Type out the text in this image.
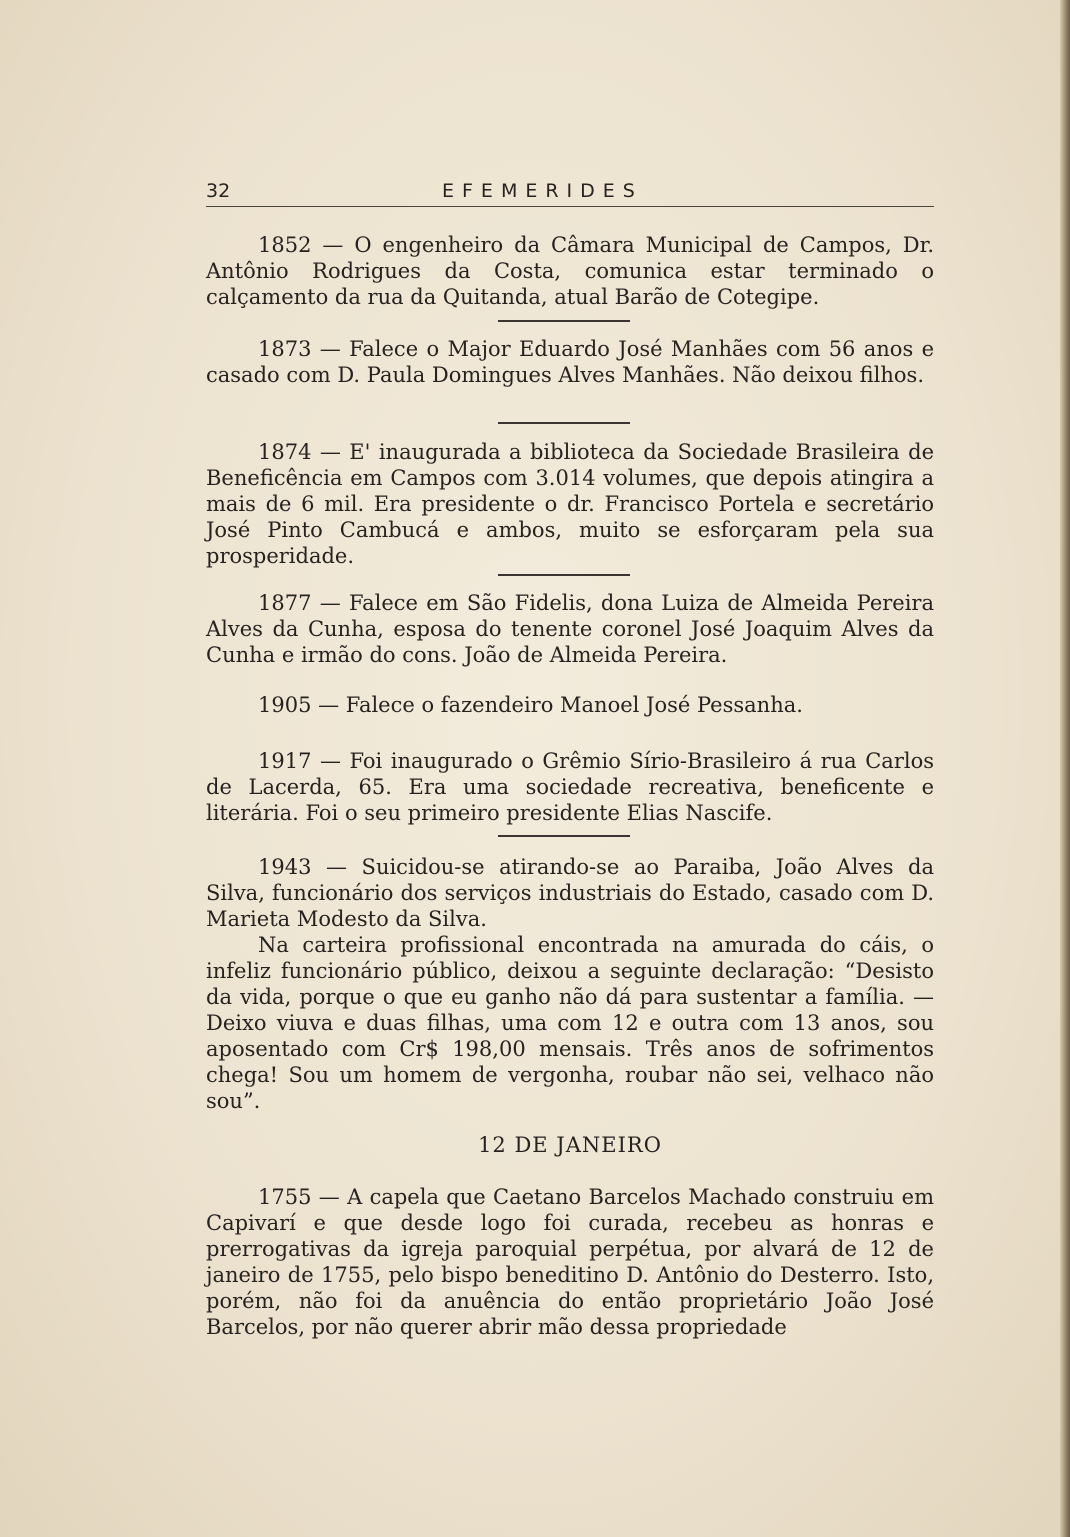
32	EFEMERIDES

1852 — O engenheiro da Câmara Municipal de Campos, Dr. Antônio Rodrigues da Costa, comunica estar terminado o calçamento da rua da Quitanda, atual Barão de Cotegipe.

1873 — Falece o Major Eduardo José Manhães com 56 anos e casado com D. Paula Domingues Alves Manhães. Não deixou filhos.

1874 — E' inaugurada a biblioteca da Sociedade Brasileira de Beneficência em Campos com 3.014 volumes, que depois atingira a mais de 6 mil. Era presidente o dr. Francisco Portela e secretário José Pinto Cambucá e ambos, muito se esforçaram pela sua prosperidade.

1877 — Falece em São Fidelis, dona Luiza de Almeida Pereira Alves da Cunha, esposa do tenente coronel José Joaquim Alves da Cunha e irmão do cons. João de Almeida Pereira.

1905 — Falece o fazendeiro Manoel José Pessanha.

1917 — Foi inaugurado o Grêmio Sírio-Brasileiro á rua Carlos de Lacerda, 65. Era uma sociedade recreativa, beneficente e literária. Foi o seu primeiro presidente Elias Nascife.

1943 — Suicidou-se atirando-se ao Paraiba, João Alves da Silva, funcionário dos serviços industriais do Estado, casado com D. Marieta Modesto da Silva.

Na carteira profissional encontrada na amurada do cáis, o infeliz funcionário público, deixou a seguinte declaração: “Desisto da vida, porque o que eu ganho não dá para sustentar a família. — Deixo viuva e duas filhas, uma com 12 e outra com 13 anos, sou aposentado com Cr$ 198,00 mensais. Três anos de sofrimentos chega! Sou um homem de vergonha, roubar não sei, velhaco não sou”.

12 DE JANEIRO

1755 — A capela que Caetano Barcelos Machado construiu em Capivarí e que desde logo foi curada, recebeu as honras e prerrogativas da igreja paroquial perpétua, por alvará de 12 de janeiro de 1755, pelo bispo beneditino D. Antônio do Desterro. Isto, porém, não foi da anuência do então proprietário João José Barcelos, por não querer abrir mão dessa propriedade
